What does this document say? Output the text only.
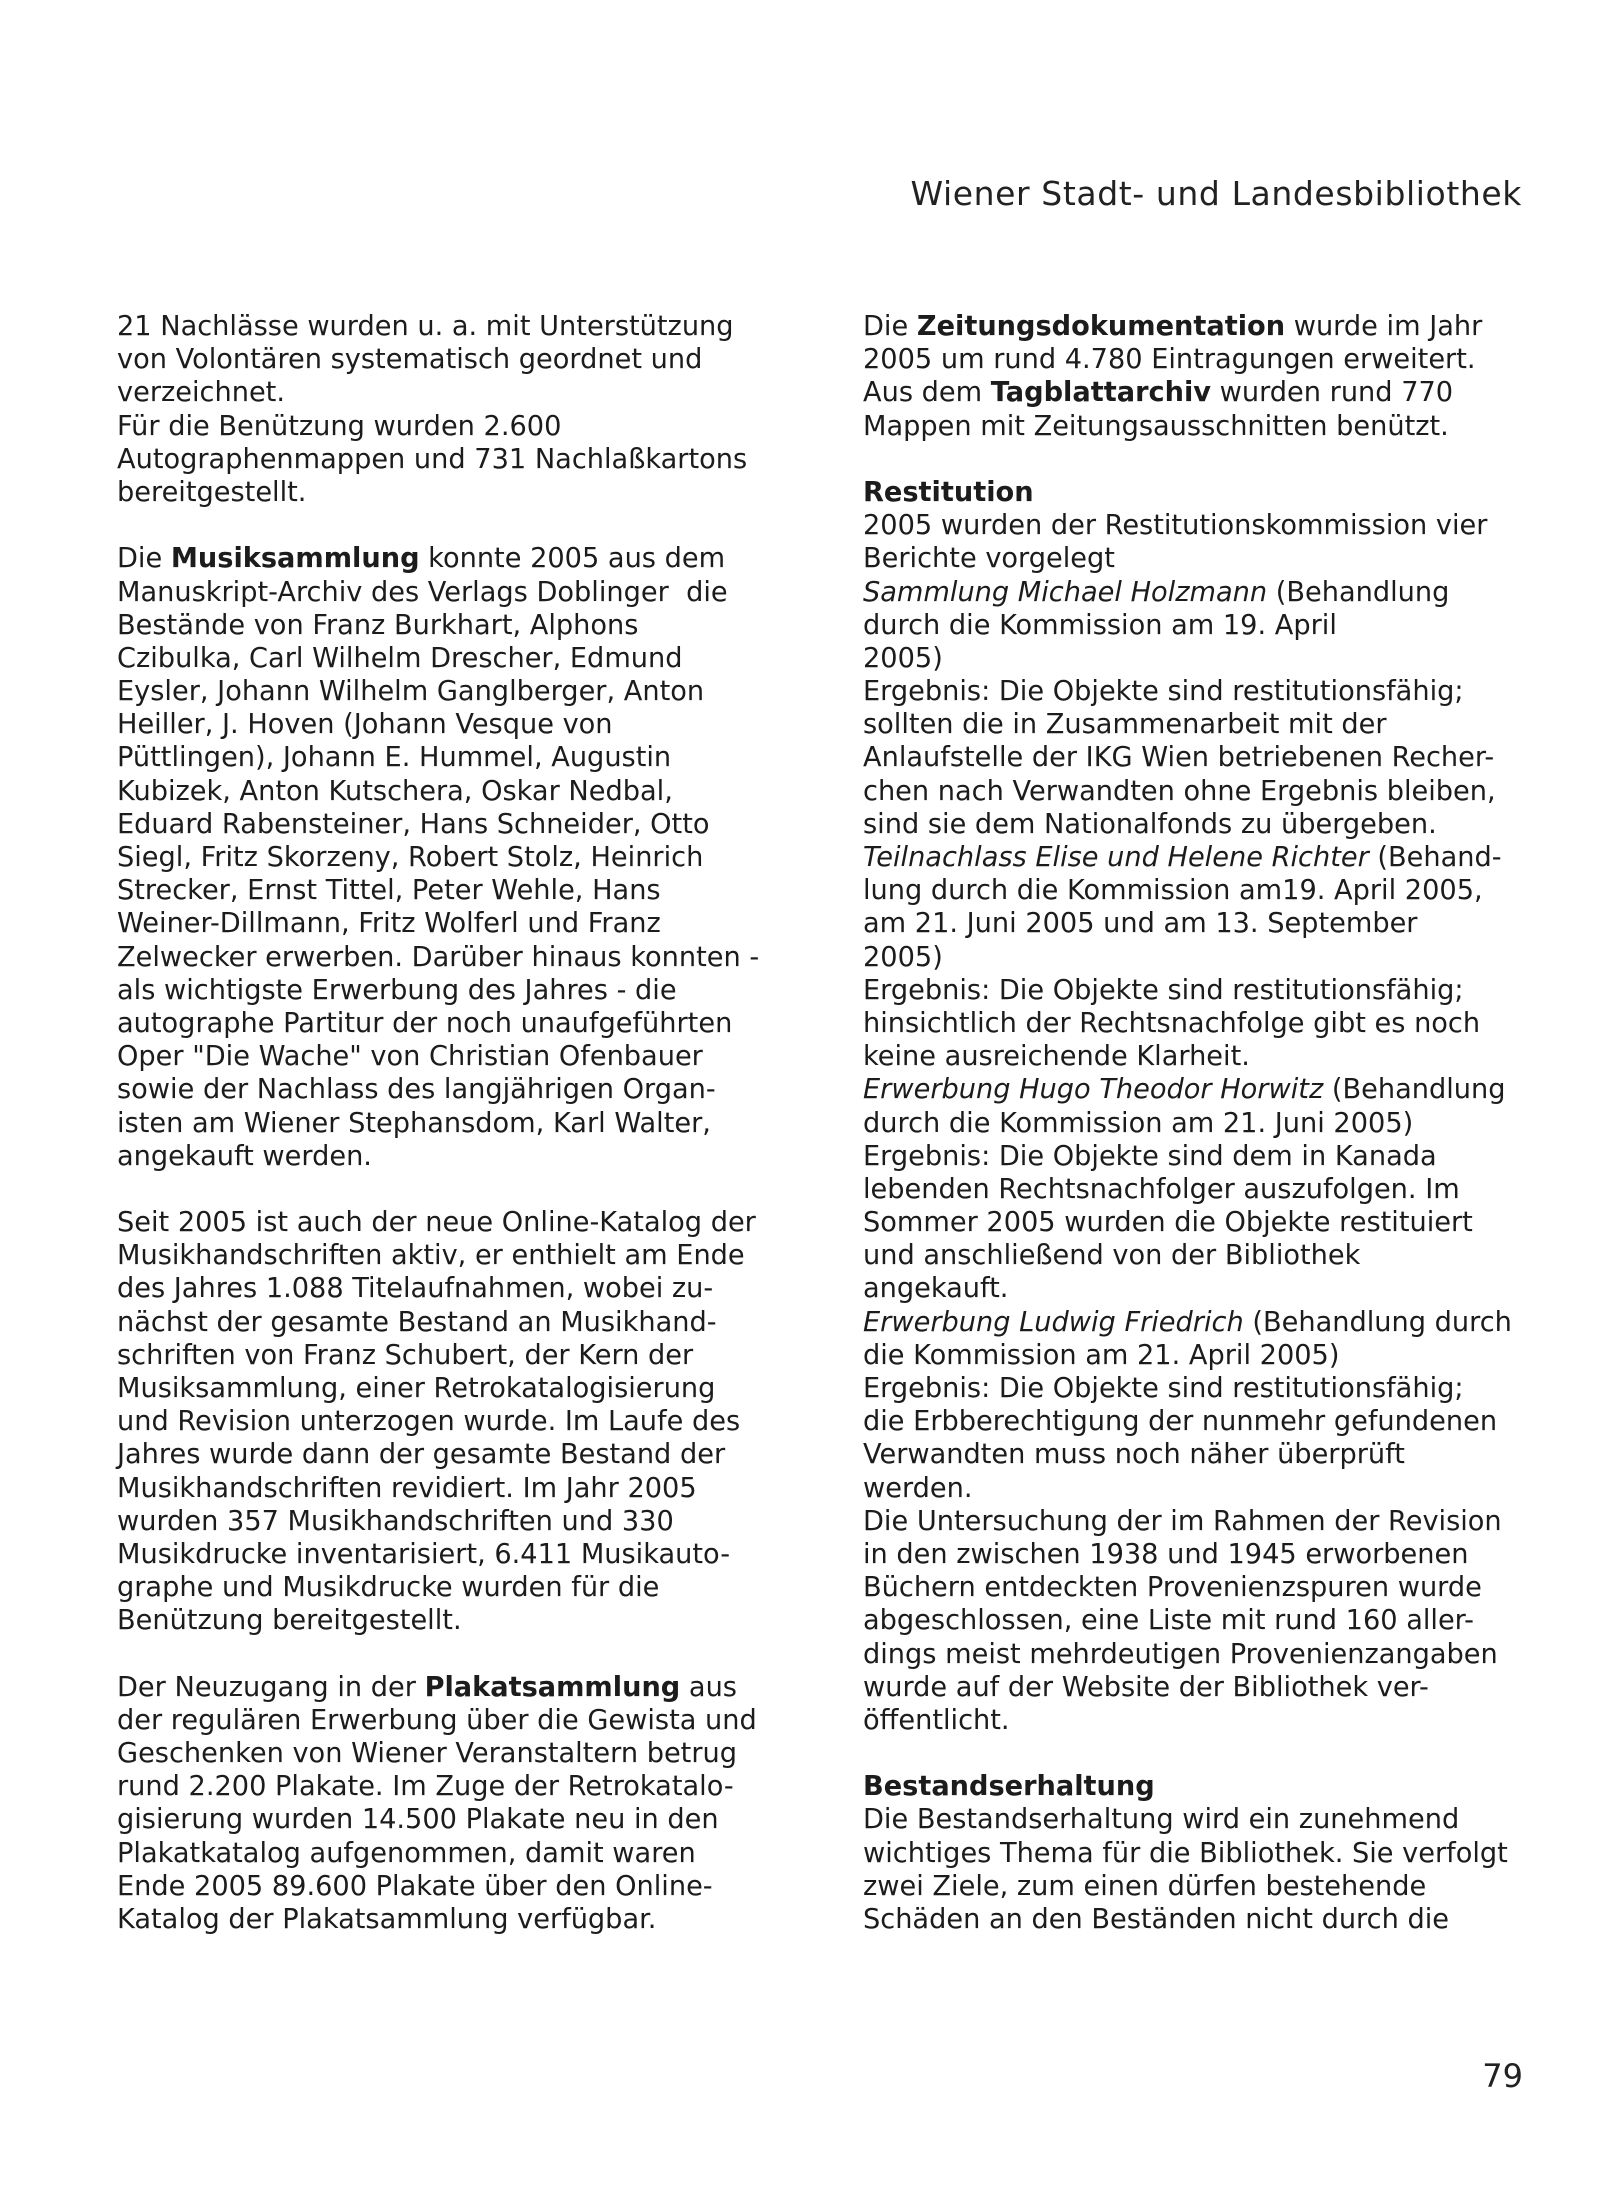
Wiener Stadt- und Landesbibliothek
21 Nachlässe wurden u. a. mit Unterstützung
von Volontären systematisch geordnet und
verzeichnet.
Für die Benützung wurden 2.600
Autographenmappen und 731 Nachlaßkartons
bereitgestellt.
Die Musiksammlung konnte 2005 aus dem
Manuskript-Archiv des Verlags Doblinger  die
Bestände von Franz Burkhart, Alphons
Czibulka, Carl Wilhelm Drescher, Edmund
Eysler, Johann Wilhelm Ganglberger, Anton
Heiller, J. Hoven (Johann Vesque von
Püttlingen), Johann E. Hummel, Augustin
Kubizek, Anton Kutschera, Oskar Nedbal,
Eduard Rabensteiner, Hans Schneider, Otto
Siegl, Fritz Skorzeny, Robert Stolz, Heinrich
Strecker, Ernst Tittel, Peter Wehle, Hans
Weiner-Dillmann, Fritz Wolferl und Franz
Zelwecker erwerben. Darüber hinaus konnten -
als wichtigste Erwerbung des Jahres - die
autographe Partitur der noch unaufgeführten
Oper "Die Wache" von Christian Ofenbauer
sowie der Nachlass des langjährigen Organ-
isten am Wiener Stephansdom, Karl Walter,
angekauft werden.
Seit 2005 ist auch der neue Online-Katalog der
Musikhandschriften aktiv, er enthielt am Ende
des Jahres 1.088 Titelaufnahmen, wobei zu-
nächst der gesamte Bestand an Musikhand-
schriften von Franz Schubert, der Kern der
Musiksammlung, einer Retrokatalogisierung
und Revision unterzogen wurde. Im Laufe des
Jahres wurde dann der gesamte Bestand der
Musikhandschriften revidiert. Im Jahr 2005
wurden 357 Musikhandschriften und 330
Musikdrucke inventarisiert, 6.411 Musikauto-
graphe und Musikdrucke wurden für die
Benützung bereitgestellt.
Der Neuzugang in der Plakatsammlung aus
der regulären Erwerbung über die Gewista und
Geschenken von Wiener Veranstaltern betrug
rund 2.200 Plakate. Im Zuge der Retrokatalo-
gisierung wurden 14.500 Plakate neu in den
Plakatkatalog aufgenommen, damit waren
Ende 2005 89.600 Plakate über den Online-
Katalog der Plakatsammlung verfügbar.
Die Zeitungsdokumentation wurde im Jahr
2005 um rund 4.780 Eintragungen erweitert.
Aus dem Tagblattarchiv wurden rund 770
Mappen mit Zeitungsausschnitten benützt.
Restitution
2005 wurden der Restitutionskommission vier
Berichte vorgelegt
Sammlung Michael Holzmann (Behandlung
durch die Kommission am 19. April
2005)
Ergebnis: Die Objekte sind restitutionsfähig;
sollten die in Zusammenarbeit mit der
Anlaufstelle der IKG Wien betriebenen Recher-
chen nach Verwandten ohne Ergebnis bleiben,
sind sie dem Nationalfonds zu übergeben.
Teilnachlass Elise und Helene Richter (Behand-
lung durch die Kommission am19. April 2005,
am 21. Juni 2005 und am 13. September
2005)
Ergebnis: Die Objekte sind restitutionsfähig;
hinsichtlich der Rechtsnachfolge gibt es noch
keine ausreichende Klarheit.
Erwerbung Hugo Theodor Horwitz (Behandlung
durch die Kommission am 21. Juni 2005)
Ergebnis: Die Objekte sind dem in Kanada
lebenden Rechtsnachfolger auszufolgen. Im
Sommer 2005 wurden die Objekte restituiert
und anschließend von der Bibliothek
angekauft.
Erwerbung Ludwig Friedrich (Behandlung durch
die Kommission am 21. April 2005)
Ergebnis: Die Objekte sind restitutionsfähig;
die Erbberechtigung der nunmehr gefundenen
Verwandten muss noch näher überprüft
werden.
Die Untersuchung der im Rahmen der Revision
in den zwischen 1938 und 1945 erworbenen
Büchern entdeckten Provenienzspuren wurde
abgeschlossen, eine Liste mit rund 160 aller-
dings meist mehrdeutigen Provenienzangaben
wurde auf der Website der Bibliothek ver-
öffentlicht.
Bestandserhaltung
Die Bestandserhaltung wird ein zunehmend
wichtiges Thema für die Bibliothek. Sie verfolgt
zwei Ziele, zum einen dürfen bestehende
Schäden an den Beständen nicht durch die
79
